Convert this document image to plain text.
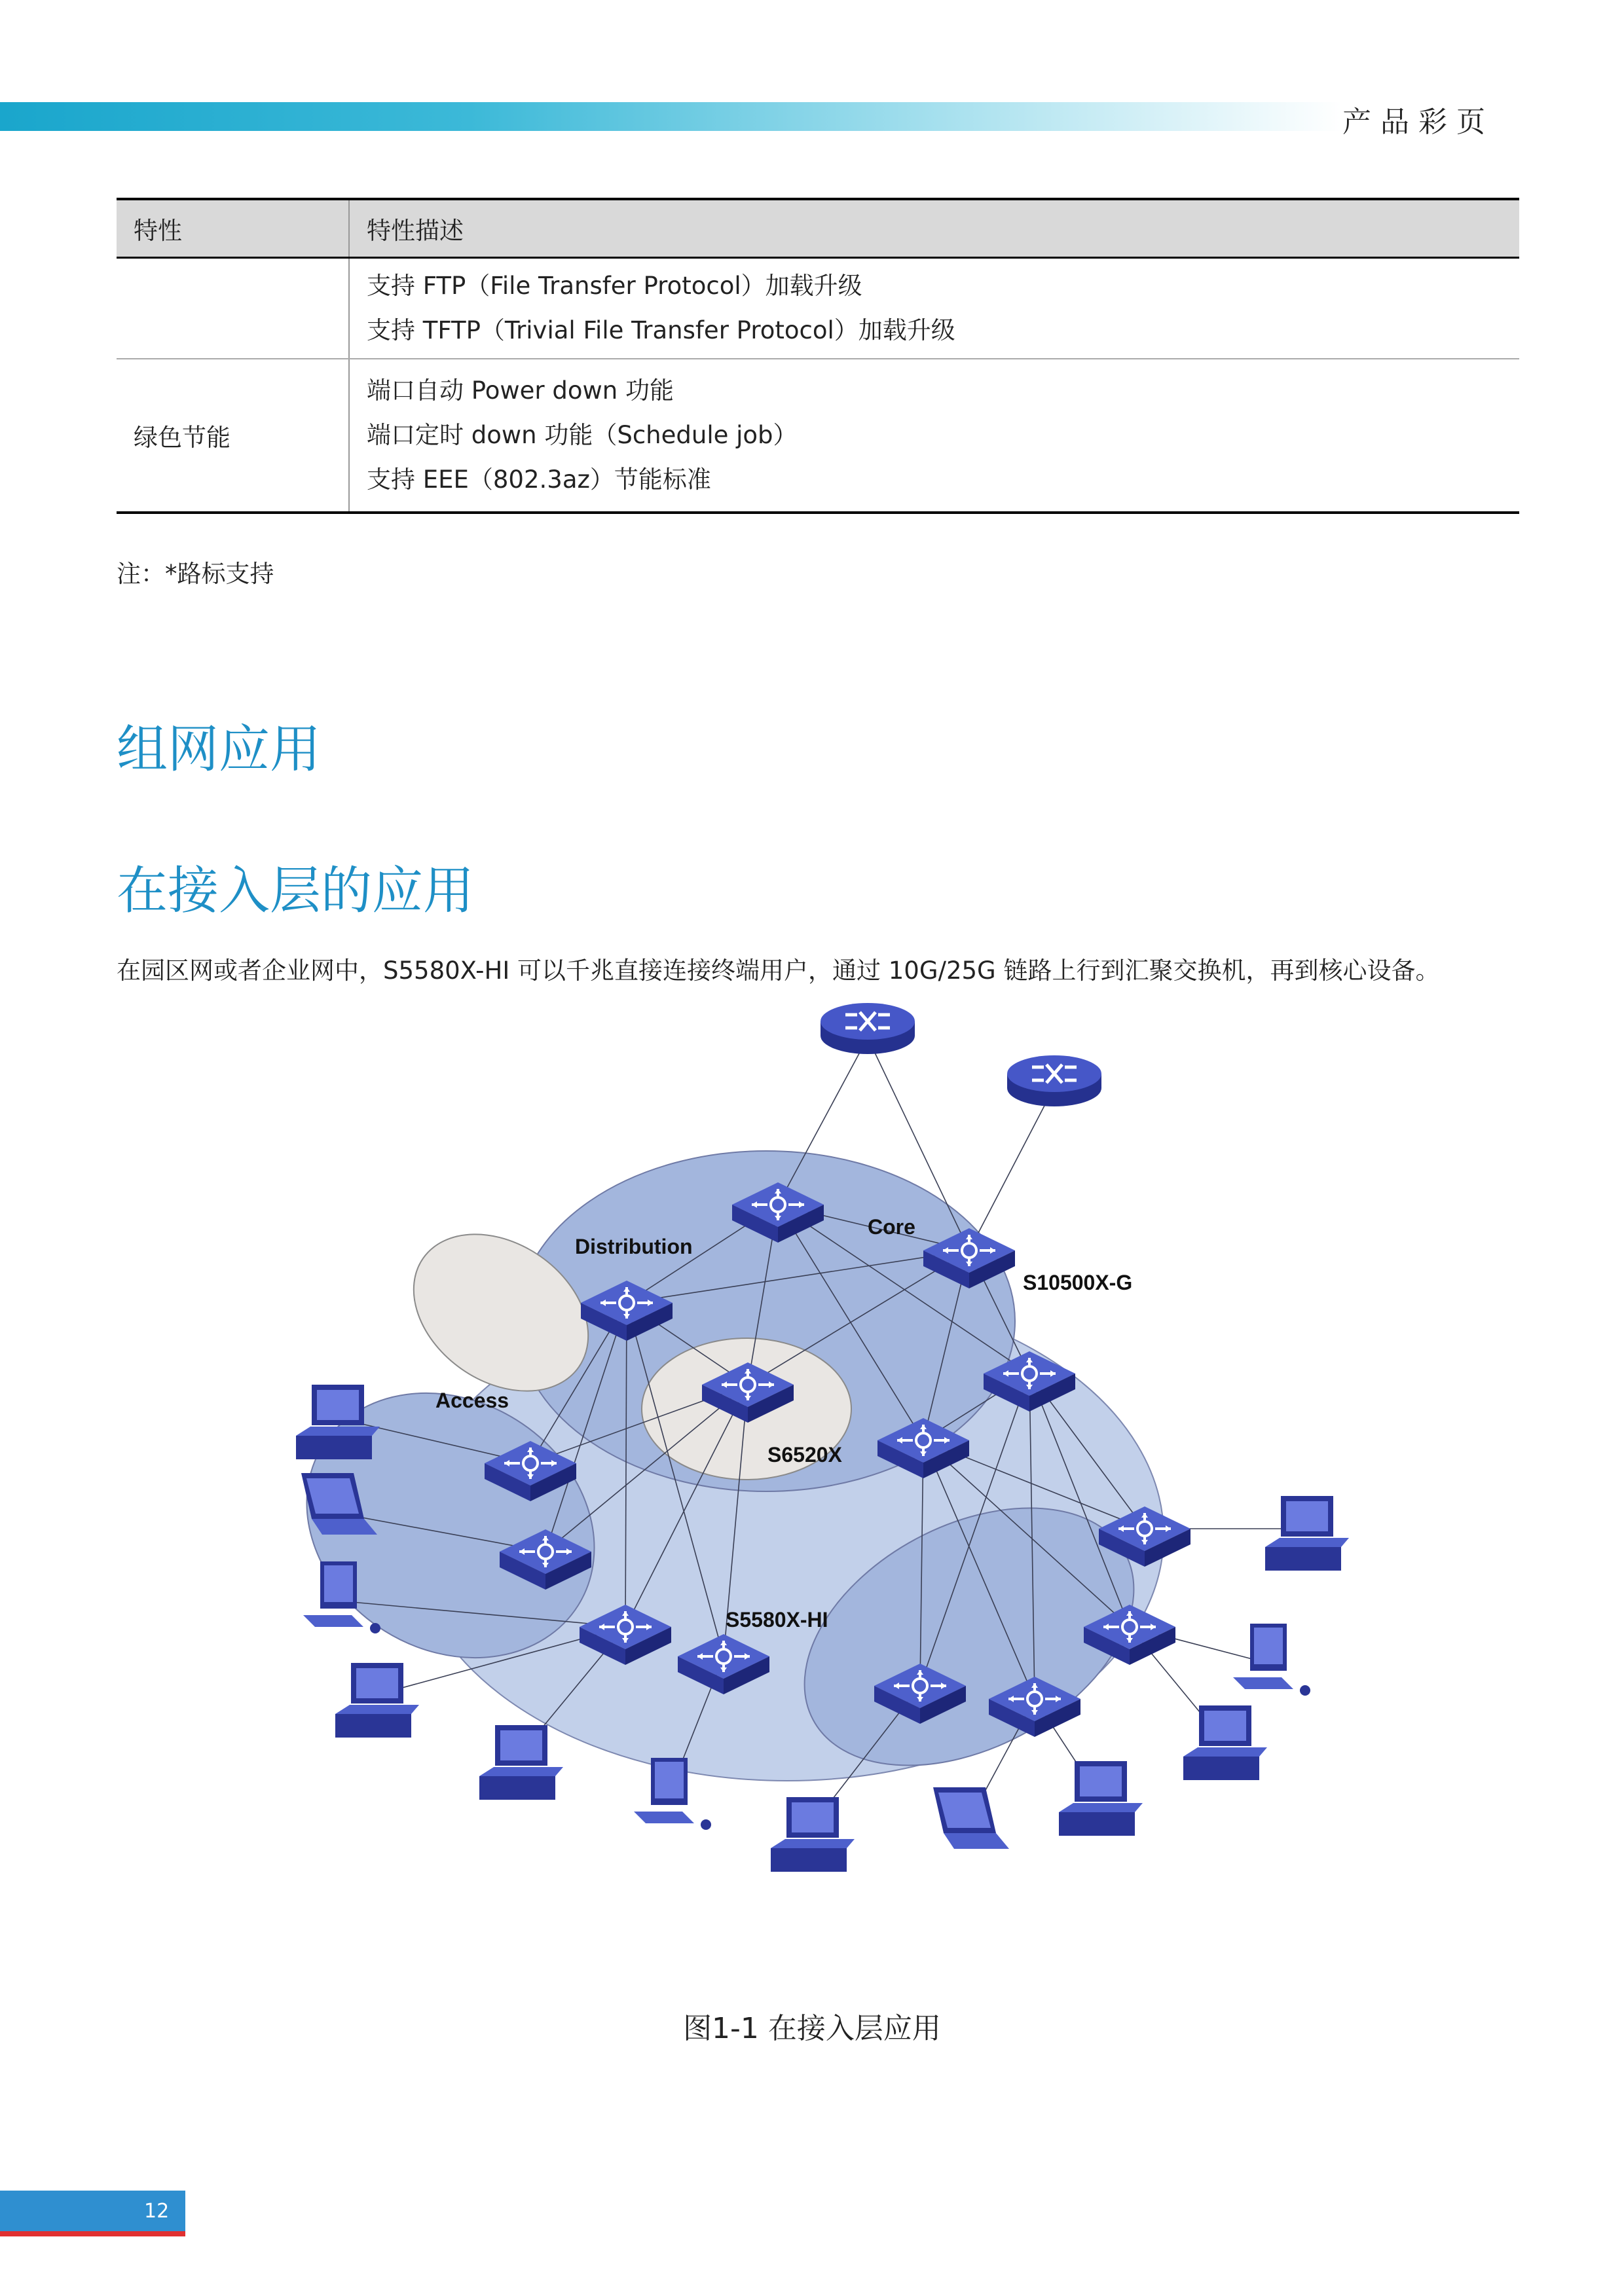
产品彩页
特性	特性描述

	支持 FTP（File Transfer Protocol）加载升级
支持 TFTP（Trivial File Transfer Protocol）加载升级

绿色节能	端口自动 Power down 功能
端口定时 down 功能（Schedule job）
支持 EEE（802.3az）节能标准
注：*路标支持
组网应用
在接入层的应用
在园区网或者企业网中，S5580X-HI 可以千兆直接连接终端用户，通过 10G/25G 链路上行到汇聚交换机，再到核心设备。
Core
Distribution
Access
S10500X-G
S6520X
S5580X-HI
图1-1 在接入层应用
12
